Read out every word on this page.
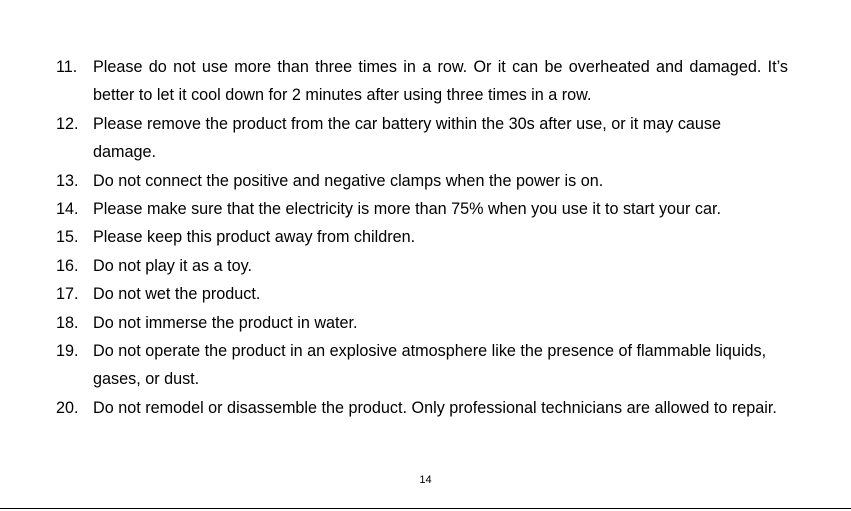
11. Please do not use more than three times in a row. Or it can be overheated and damaged. It’s better to let it cool down for 2 minutes after using three times in a row.
12. Please remove the product from the car battery within the 30s after use, or it may cause damage.
13. Do not connect the positive and negative clamps when the power is on.
14. Please make sure that the electricity is more than 75% when you use it to start your car.
15. Please keep this product away from children.
16. Do not play it as a toy.
17. Do not wet the product.
18. Do not immerse the product in water.
19. Do not operate the product in an explosive atmosphere like the presence of flammable liquids, gases, or dust.
20. Do not remodel or disassemble the product. Only professional technicians are allowed to repair.
14
